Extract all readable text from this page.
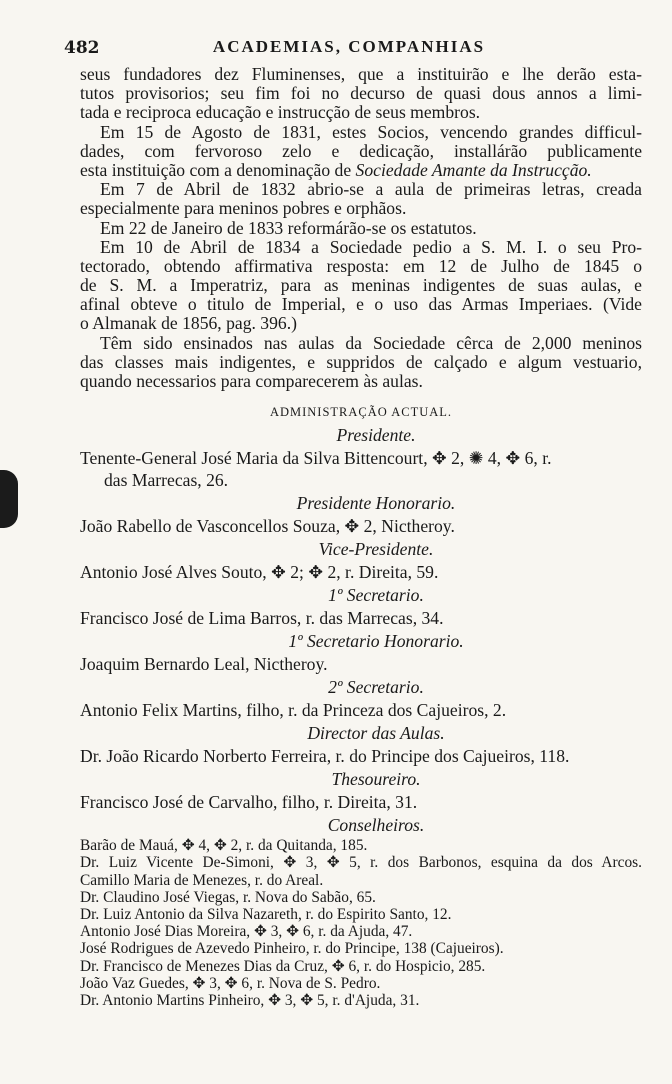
482	ACADEMIAS, COMPANHIAS
seus fundadores dez Fluminenses, que a instituirão e lhe derão esta-
tutos provisorios; seu fim foi no decurso de quasi dous annos a limi-
tada e reciproca educação e instrucção de seus membros.
Em 15 de Agosto de 1831, estes Socios, vencendo grandes difficul-
dades, com fervoroso zelo e dedicação, installárão publicamente
esta instituição com a denominação de Sociedade Amante da Instrucção.
Em 7 de Abril de 1832 abrio-se a aula de primeiras letras, creada
especialmente para meninos pobres e orphãos.
Em 22 de Janeiro de 1833 reformárão-se os estatutos.
Em 10 de Abril de 1834 a Sociedade pedio a S. M. I. o seu Pro-
tectorado, obtendo affirmativa resposta: em 12 de Julho de 1845 o
de S. M. a Imperatriz, para as meninas indigentes de suas aulas, e
afinal obteve o titulo de Imperial, e o uso das Armas Imperiaes. (Vide
o Almanak de 1856, pag. 396.)
Têm sido ensinados nas aulas da Sociedade cêrca de 2,000 meninos
das classes mais indigentes, e suppridos de calçado e algum vestuario,
quando necessarios para comparecerem às aulas.
ADMINISTRAÇÃO ACTUAL.
Presidente.
Tenente-General José Maria da Silva Bittencourt, ✥ 2, ✺ 4, ✥ 6, r.
das Marrecas, 26.
Presidente Honorario.
João Rabello de Vasconcellos Souza, ✥ 2, Nictheroy.
Vice-Presidente.
Antonio José Alves Souto, ✥ 2; ✥ 2, r. Direita, 59.
1º Secretario.
Francisco José de Lima Barros, r. das Marrecas, 34.
1º Secretario Honorario.
Joaquim Bernardo Leal, Nictheroy.
2º Secretario.
Antonio Felix Martins, filho, r. da Princeza dos Cajueiros, 2.
Director das Aulas.
Dr. João Ricardo Norberto Ferreira, r. do Principe dos Cajueiros, 118.
Thesoureiro.
Francisco José de Carvalho, filho, r. Direita, 31.
Conselheiros.
Barão de Mauá, ✥ 4, ✥ 2, r. da Quitanda, 185.
Dr. Luiz Vicente De-Simoni, ✥ 3, ✥ 5, r. dos Barbonos, esquina da dos Arcos.
Camillo Maria de Menezes, r. do Areal.
Dr. Claudino José Viegas, r. Nova do Sabão, 65.
Dr. Luiz Antonio da Silva Nazareth, r. do Espirito Santo, 12.
Antonio José Dias Moreira, ✥ 3, ✥ 6, r. da Ajuda, 47.
José Rodrigues de Azevedo Pinheiro, r. do Principe, 138 (Cajueiros).
Dr. Francisco de Menezes Dias da Cruz, ✥ 6, r. do Hospicio, 285.
João Vaz Guedes, ✥ 3, ✥ 6, r. Nova de S. Pedro.
Dr. Antonio Martins Pinheiro, ✥ 3, ✥ 5, r. d'Ajuda, 31.
